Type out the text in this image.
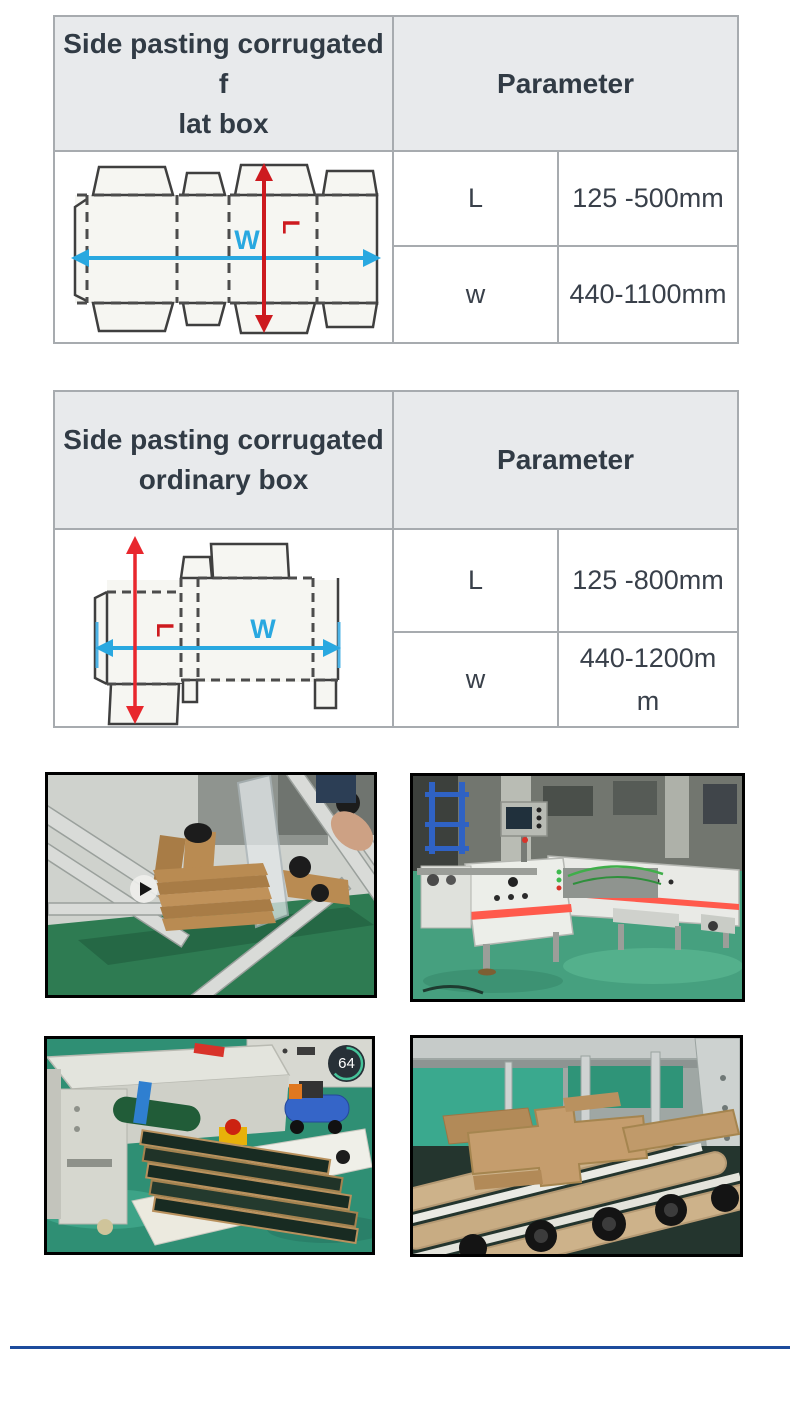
Side pasting corrugated f
lat box	Parameter	

W L	L	125 -500mm
	w	440-1100mm
Side pasting corrugated
ordinary box	Parameter	

W
L	L	125 -800mm
	w	440-1200mm
64
